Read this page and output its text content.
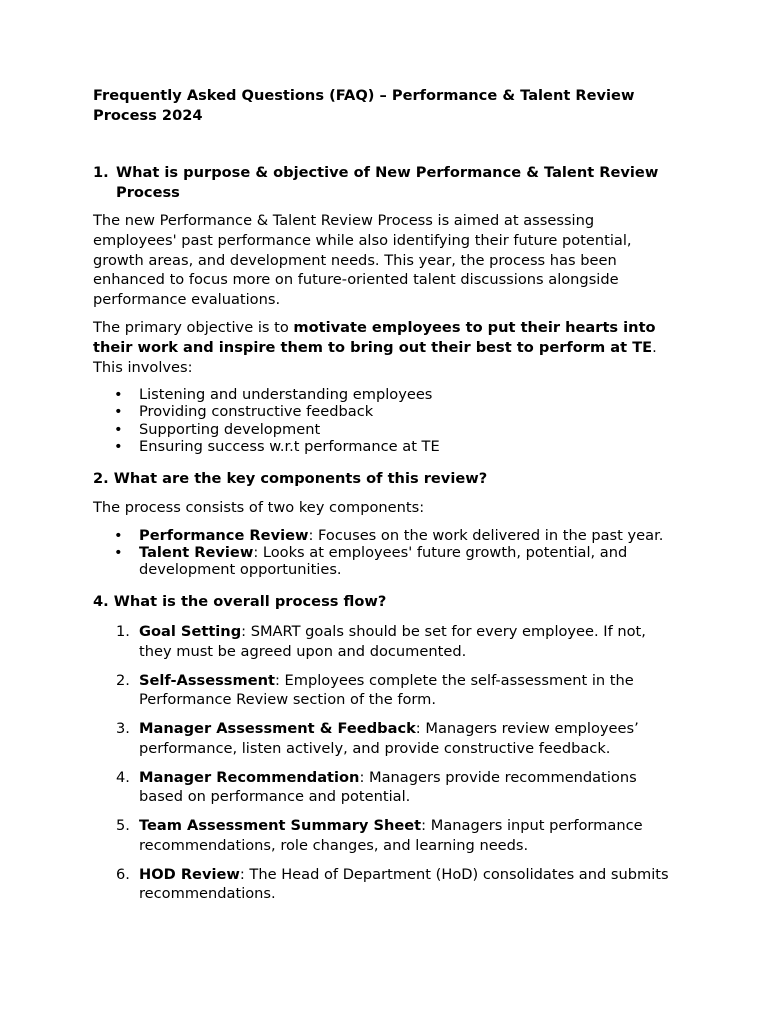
Frequently Asked Questions (FAQ) – Performance & Talent Review Process 2024
1. What is purpose & objective of New Performance & Talent Review Process

The new Performance & Talent Review Process is aimed at assessing employees' past performance while also identifying their future potential, growth areas, and development needs. This year, the process has been enhanced to focus more on future-oriented talent discussions alongside performance evaluations.

The primary objective is to motivate employees to put their hearts into their work and inspire them to bring out their best to perform at TE. This involves:

• Listening and understanding employees
• Providing constructive feedback
• Supporting development
• Ensuring success w.r.t performance at TE
2. What are the key components of this review?

The process consists of two key components:

• Performance Review: Focuses on the work delivered in the past year.
• Talent Review: Looks at employees' future growth, potential, and development opportunities.
4. What is the overall process flow?
1. Goal Setting: SMART goals should be set for every employee. If not, they must be agreed upon and documented.
2. Self-Assessment: Employees complete the self-assessment in the Performance Review section of the form.
3. Manager Assessment & Feedback: Managers review employees’ performance, listen actively, and provide constructive feedback.
4. Manager Recommendation: Managers provide recommendations based on performance and potential.
5. Team Assessment Summary Sheet: Managers input performance recommendations, role changes, and learning needs.
6. HOD Review: The Head of Department (HoD) consolidates and submits recommendations.
